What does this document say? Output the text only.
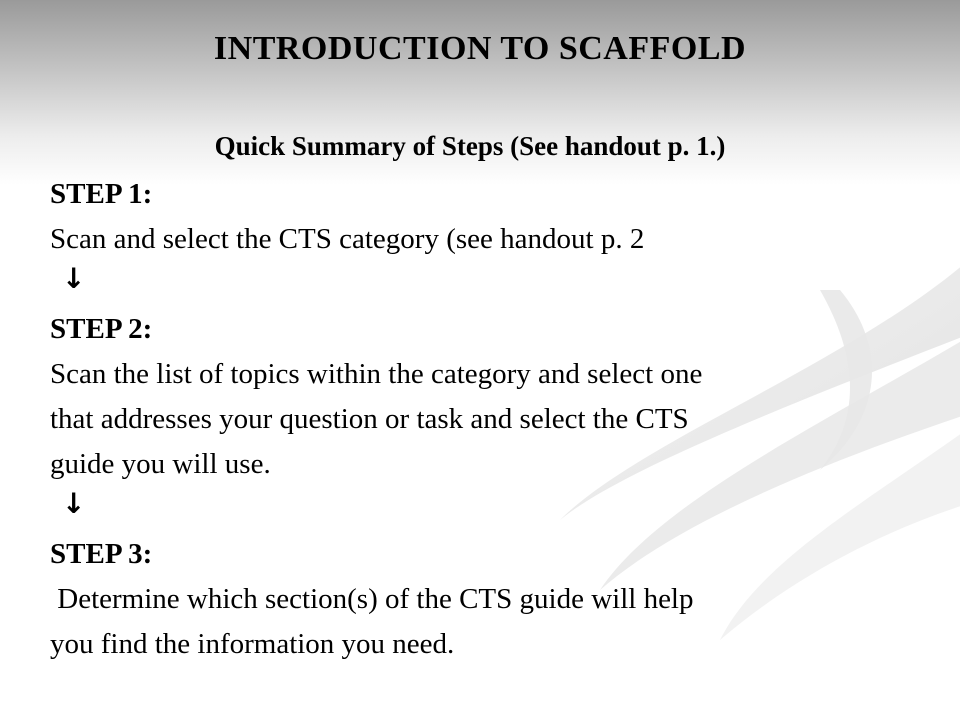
INTRODUCTION TO SCAFFOLD
Quick Summary of Steps (See handout p. 1.)
STEP 1:
Scan and select the CTS category (see handout p. 2
↓
STEP 2:
Scan the list of topics within the category and select one
that addresses your question or task and select the CTS
guide you will use.
↓
STEP 3:
Determine which section(s) of the CTS guide will help
you find the information you need.
